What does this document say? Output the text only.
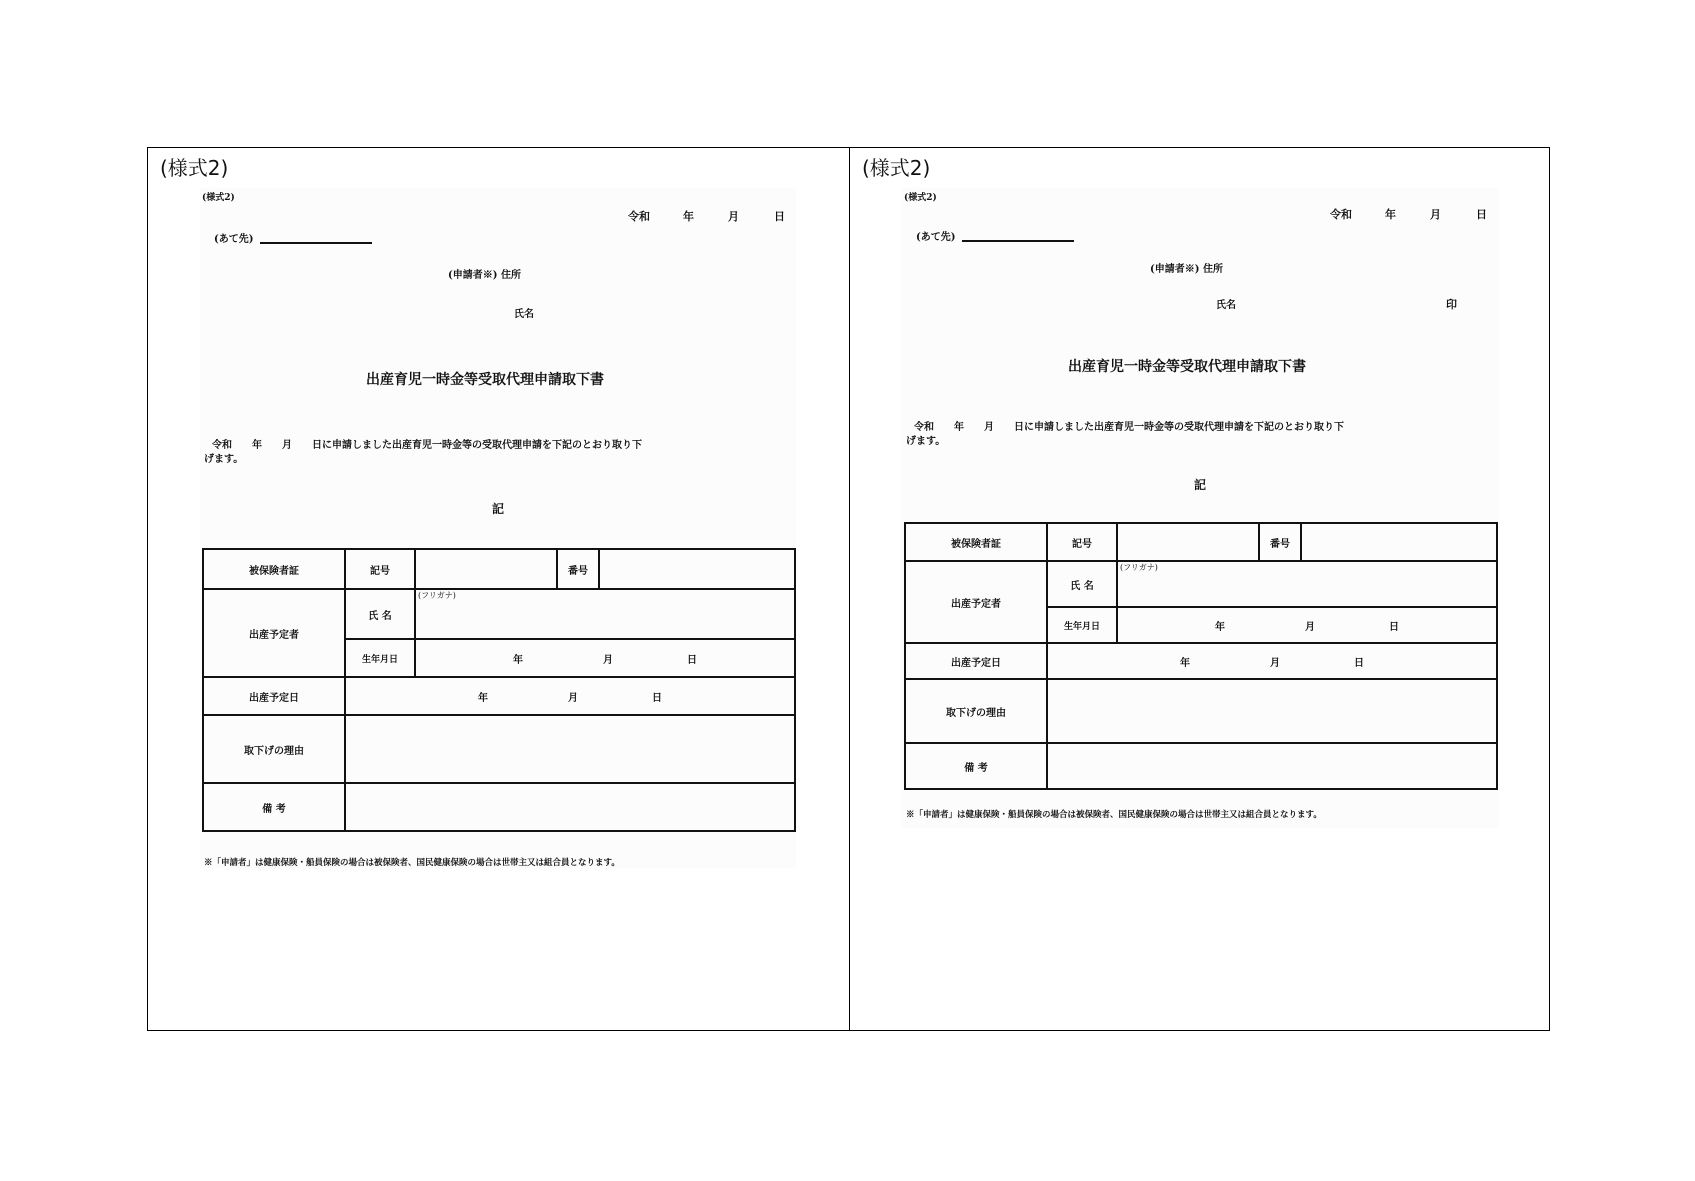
(様式2)
(様式2)
令和	年	月	日
(あて先)
(申請者※) 住所
氏名
出産育児一時金等受取代理申請取下書
令和　　年　　月　　日に申請しました出産育児一時金等の受取代理申請を下記のとおり取り下
げます。
記
被保険者証	記号		番号	
出産予定者	氏 名	(フリガナ)		

	生年月日	年 月 日		

出産予定日	年 月 日			

取下げの理由				
備 考				
※「申請者」は健康保険・船員保険の場合は被保険者、国民健康保険の場合は世帯主又は組合員となります。
(様式2)
(様式2)
令和	年	月	日
(あて先)
(申請者※) 住所
氏名	印
出産育児一時金等受取代理申請取下書
令和　　年　　月　　日に申請しました出産育児一時金等の受取代理申請を下記のとおり取り下
げます。
記
被保険者証	記号		番号	
出産予定者	氏 名	(フリガナ)		

	生年月日	年 月 日		

出産予定日	年 月 日			

取下げの理由				
備 考				
※「申請者」は健康保険・船員保険の場合は被保険者、国民健康保険の場合は世帯主又は組合員となります。
